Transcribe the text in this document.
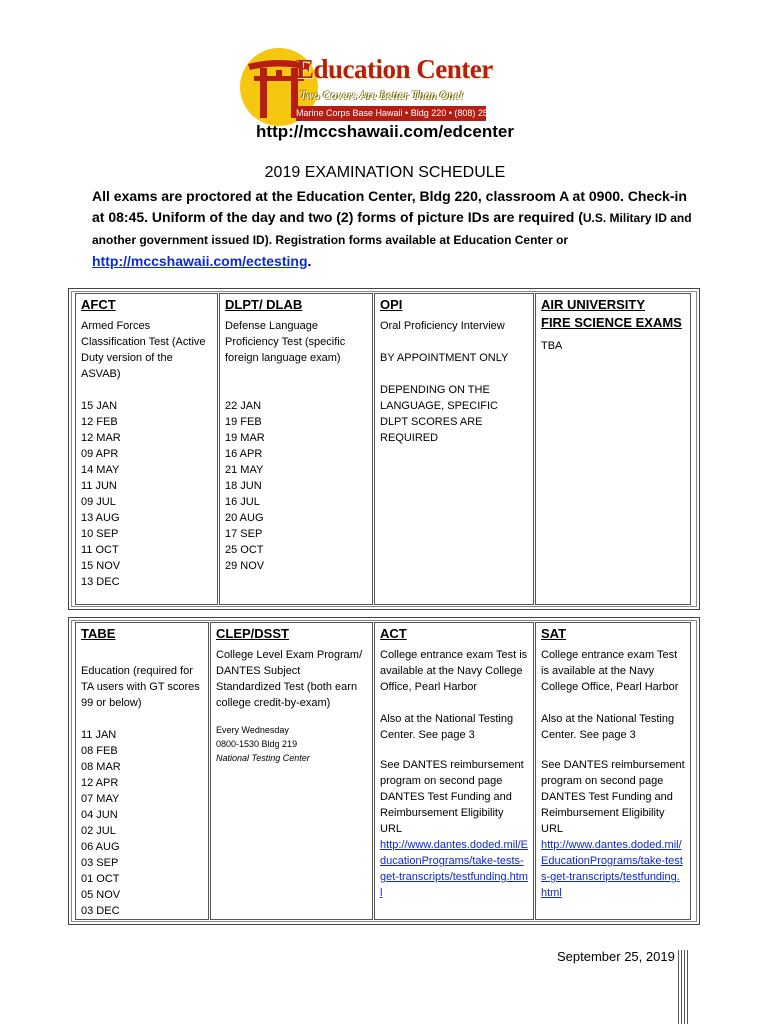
Education Center
Two Covers Are Better Than One!
Marine Corps Base Hawaii • Bldg 220 • (808) 257-2158
http://mccshawaii.com/edcenter
2019 EXAMINATION SCHEDULE
All exams are proctored at the Education Center, Bldg 220, classroom A at 0900. Check-in at 08:45. Uniform of the day and two (2) forms of picture IDs are required (U.S. Military ID and another government issued ID). Registration forms available at Education Center or http://mccshawaii.com/ectesting.
AFCT

Armed Forces Classification Test (Active Duty version of the ASVAB)

15 JAN
12 FEB
12 MAR
09 APR
14 MAY
11 JUN
09 JUL
13 AUG
10 SEP
11 OCT
15 NOV
13 DEC
DLPT/ DLAB

Defense Language Proficiency Test (specific foreign language exam)

22 JAN
19 FEB
19 MAR
16 APR
21 MAY
18 JUN
16 JUL
20 AUG
17 SEP
25 OCT
29 NOV
OPI

Oral Proficiency Interview

BY APPOINTMENT ONLY

DEPENDING ON THE LANGUAGE, SPECIFIC DLPT SCORES ARE REQUIRED

AIR UNIVERSITY
FIRE SCIENCE EXAMS

TBA

TABE

Education (required for TA users with GT scores 99 or below)

11 JAN
08 FEB
08 MAR
12 APR
07 MAY
04 JUN
02 JUL
06 AUG
03 SEP
01 OCT
05 NOV
03 DEC
CLEP/DSST

College Level Exam Program/ DANTES Subject Standardized Test (both earn college credit-by-exam)

Every Wednesday

0800-1530 Bldg 219

National Testing Center

ACT

College entrance exam Test is available at the Navy College Office, Pearl Harbor

Also at the National Testing Center. See page 3

See DANTES reimbursement program on second page DANTES Test Funding and Reimbursement Eligibility URL

http://www.dantes.doded.mil/EducationPrograms/take-tests-get-transcripts/testfunding.html

SAT

College entrance exam Test is available at the Navy College Office, Pearl Harbor

Also at the National Testing Center. See page 3

See DANTES reimbursement program on second page DANTES Test Funding and Reimbursement Eligibility URL

http://www.dantes.doded.mil/EducationPrograms/take-tests-get-transcripts/testfunding.html

September 25, 2019
